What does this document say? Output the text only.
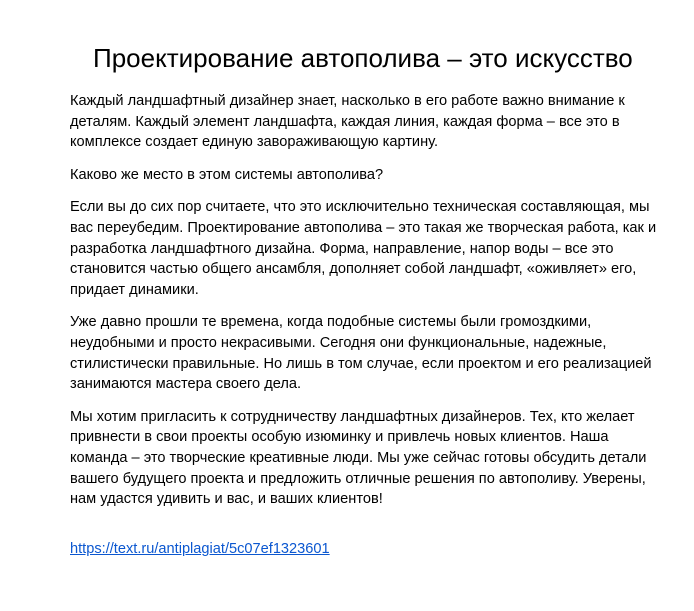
Проектирование автополива – это искусство

Каждый ландшафтный дизайнер знает, насколько в его работе важно внимание к деталям. Каждый элемент ландшафта, каждая линия, каждая форма – все это в комплексе создает единую завораживающую картину.

Каково же место в этом системы автополива?

Если вы до сих пор считаете, что это исключительно техническая составляющая, мы вас переубедим. Проектирование автополива – это такая же творческая работа, как и разработка ландшафтного дизайна. Форма, направление, напор воды – все это становится частью общего ансамбля, дополняет собой ландшафт, «оживляет» его, придает динамики.

Уже давно прошли те времена, когда подобные системы были громоздкими, неудобными и просто некрасивыми. Сегодня они функциональные, надежные, стилистически правильные. Но лишь в том случае, если проектом и его реализацией занимаются мастера своего дела.

Мы хотим пригласить к сотрудничеству ландшафтных дизайнеров. Тех, кто желает привнести в свои проекты особую изюминку и привлечь новых клиентов. Наша команда – это творческие креативные люди. Мы уже сейчас готовы обсудить детали вашего будущего проекта и предложить отличные решения по автополиву. Уверены, нам удастся удивить и вас, и ваших клиентов!

https://text.ru/antiplagiat/5c07ef1323601
